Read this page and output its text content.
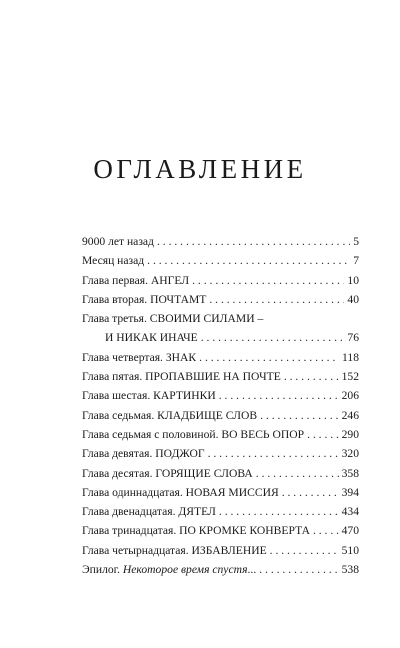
ОГЛАВЛЕНИЕ
9000 лет назад . . .	5
Месяц назад . . .	7
Глава первая. АНГЕЛ . . .	10
Глава вторая. ПОЧТАМТ . . .	40
Глава третья. СВОИМИ СИЛАМИ –
И НИКАК ИНАЧЕ . . .	76
Глава четвертая. ЗНАК . . .	118
Глава пятая. ПРОПАВШИЕ НА ПОЧТЕ . . .	152
Глава шестая. КАРТИНКИ . . .	206
Глава седьмая. КЛАДБИЩЕ СЛОВ . . .	246
Глава седьмая с половиной. ВО ВЕСЬ ОПОР . . .	290
Глава девятая. ПОДЖОГ . . .	320
Глава десятая. ГОРЯЩИЕ СЛОВА . . .	358
Глава одиннадцатая. НОВАЯ МИССИЯ . . .	394
Глава двенадцатая. ДЯТЕЛ . . .	434
Глава тринадцатая. ПО КРОМКЕ КОНВЕРТА . . .	470
Глава четырнадцатая. ИЗБАВЛЕНИЕ . . .	510
Эпилог. Некоторое время спустя... . . .	538
